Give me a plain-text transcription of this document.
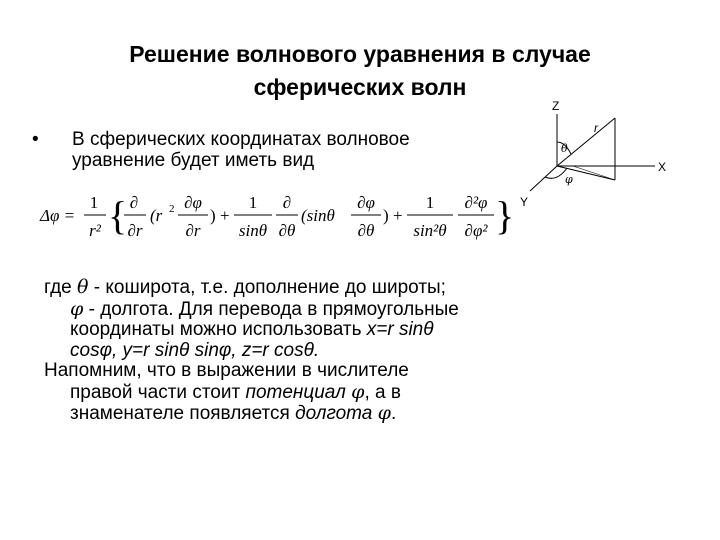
Решение волнового уравнения в случае
сферических волн
• В сферических координатах волновое уравнение будет иметь вид
Δφ =
1
r² { ∂
∂r
(r 2 ∂φ
∂r
) +
1
sinθ
∂
∂θ
(sinθ
∂φ
∂θ
) +
1
sin²θ
∂²φ
∂φ² }

где θ - коширота, т.е. дополнение до широты; φ - долгота. Для перевода в прямоугольные координаты можно использовать x=r sinθ cosφ, y=r sinθ sinφ, z=r cosθ.

Напомним, что в выражении в числителе правой части стоит потенциал φ, а в знаменателе появляется долгота φ.

Z
X
Y
r
θ
φ
